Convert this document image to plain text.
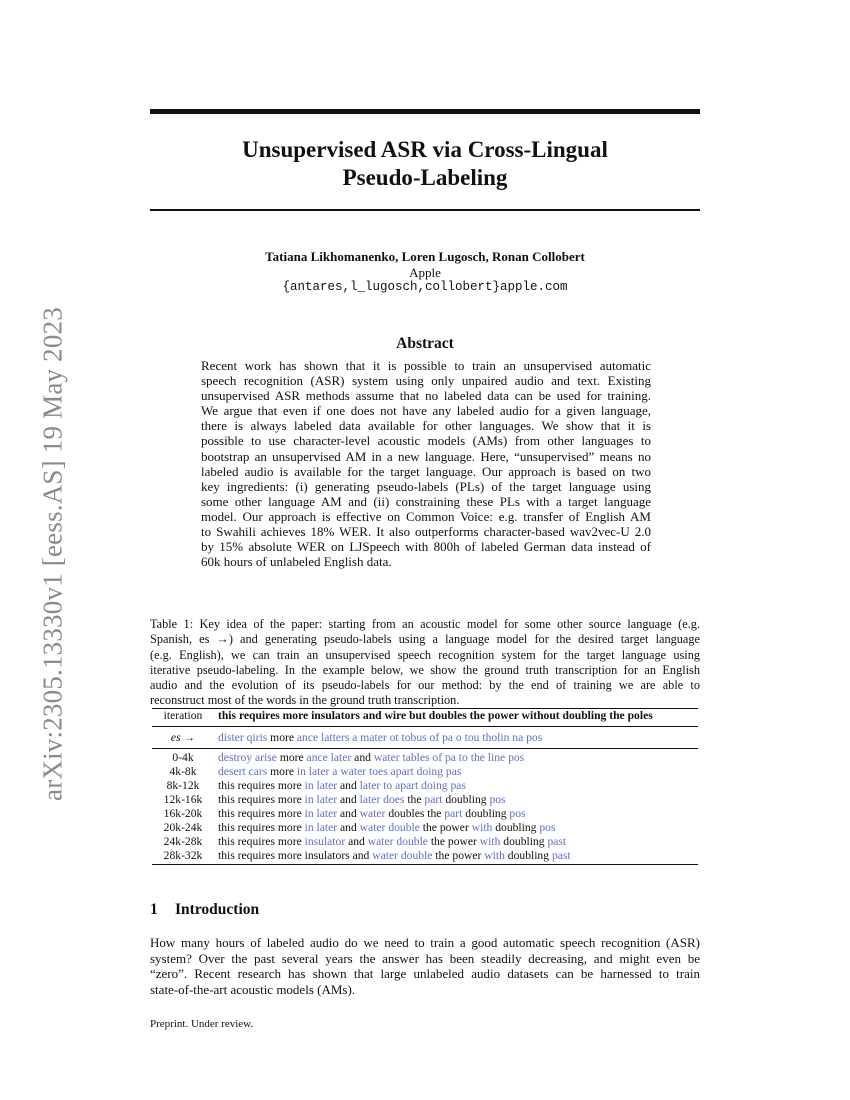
arXiv:2305.13330v1 [eess.AS] 19 May 2023
Unsupervised ASR via Cross-Lingual
Pseudo-Labeling
Tatiana Likhomanenko, Loren Lugosch, Ronan Collobert
Apple
{antares,l_lugosch,collobert}apple.com
Abstract
Recent work has shown that it is possible to train an unsupervised automatic
speech recognition (ASR) system using only unpaired audio and text. Existing
unsupervised ASR methods assume that no labeled data can be used for training.
We argue that even if one does not have any labeled audio for a given language,
there is always labeled data available for other languages. We show that it is
possible to use character-level acoustic models (AMs) from other languages to
bootstrap an unsupervised AM in a new language. Here, “unsupervised” means no
labeled audio is available for the target language. Our approach is based on two
key ingredients: (i) generating pseudo-labels (PLs) of the target language using
some other language AM and (ii) constraining these PLs with a target language
model. Our approach is effective on Common Voice: e.g. transfer of English AM
to Swahili achieves 18% WER. It also outperforms character-based wav2vec-U 2.0
by 15% absolute WER on LJSpeech with 800h of labeled German data instead of
60k hours of unlabeled English data.
Table 1: Key idea of the paper: starting from an acoustic model for some other source language (e.g.
Spanish, es →) and generating pseudo-labels using a language model for the desired target language
(e.g. English), we can train an unsupervised speech recognition system for the target language using
iterative pseudo-labeling. In the example below, we show the ground truth transcription for an English
audio and the evolution of its pseudo-labels for our method: by the end of training we are able to
reconstruct most of the words in the ground truth transcription.
iteration	this requires more insulators and wire but doubles the power without doubling the poles
es →	dister qiris more ance latters a mater ot tobus of pa o tou tholin na pos
0-4k	destroy arise more ance later and water tables of pa to the line pos
4k-8k	desert cars more in later a water toes apart doing pas
8k-12k	this requires more in later and later to apart doing pas
12k-16k	this requires more in later and later does the part doubling pos
16k-20k	this requires more in later and water doubles the part doubling pos
20k-24k	this requires more in later and water double the power with doubling pos
24k-28k	this requires more insulator and water double the power with doubling past
28k-32k	this requires more insulators and water double the power with doubling past
1 Introduction
How many hours of labeled audio do we need to train a good automatic speech recognition (ASR)
system? Over the past several years the answer has been steadily decreasing, and might even be
“zero”. Recent research has shown that large unlabeled audio datasets can be harnessed to train
state-of-the-art acoustic models (AMs).
Preprint. Under review.
